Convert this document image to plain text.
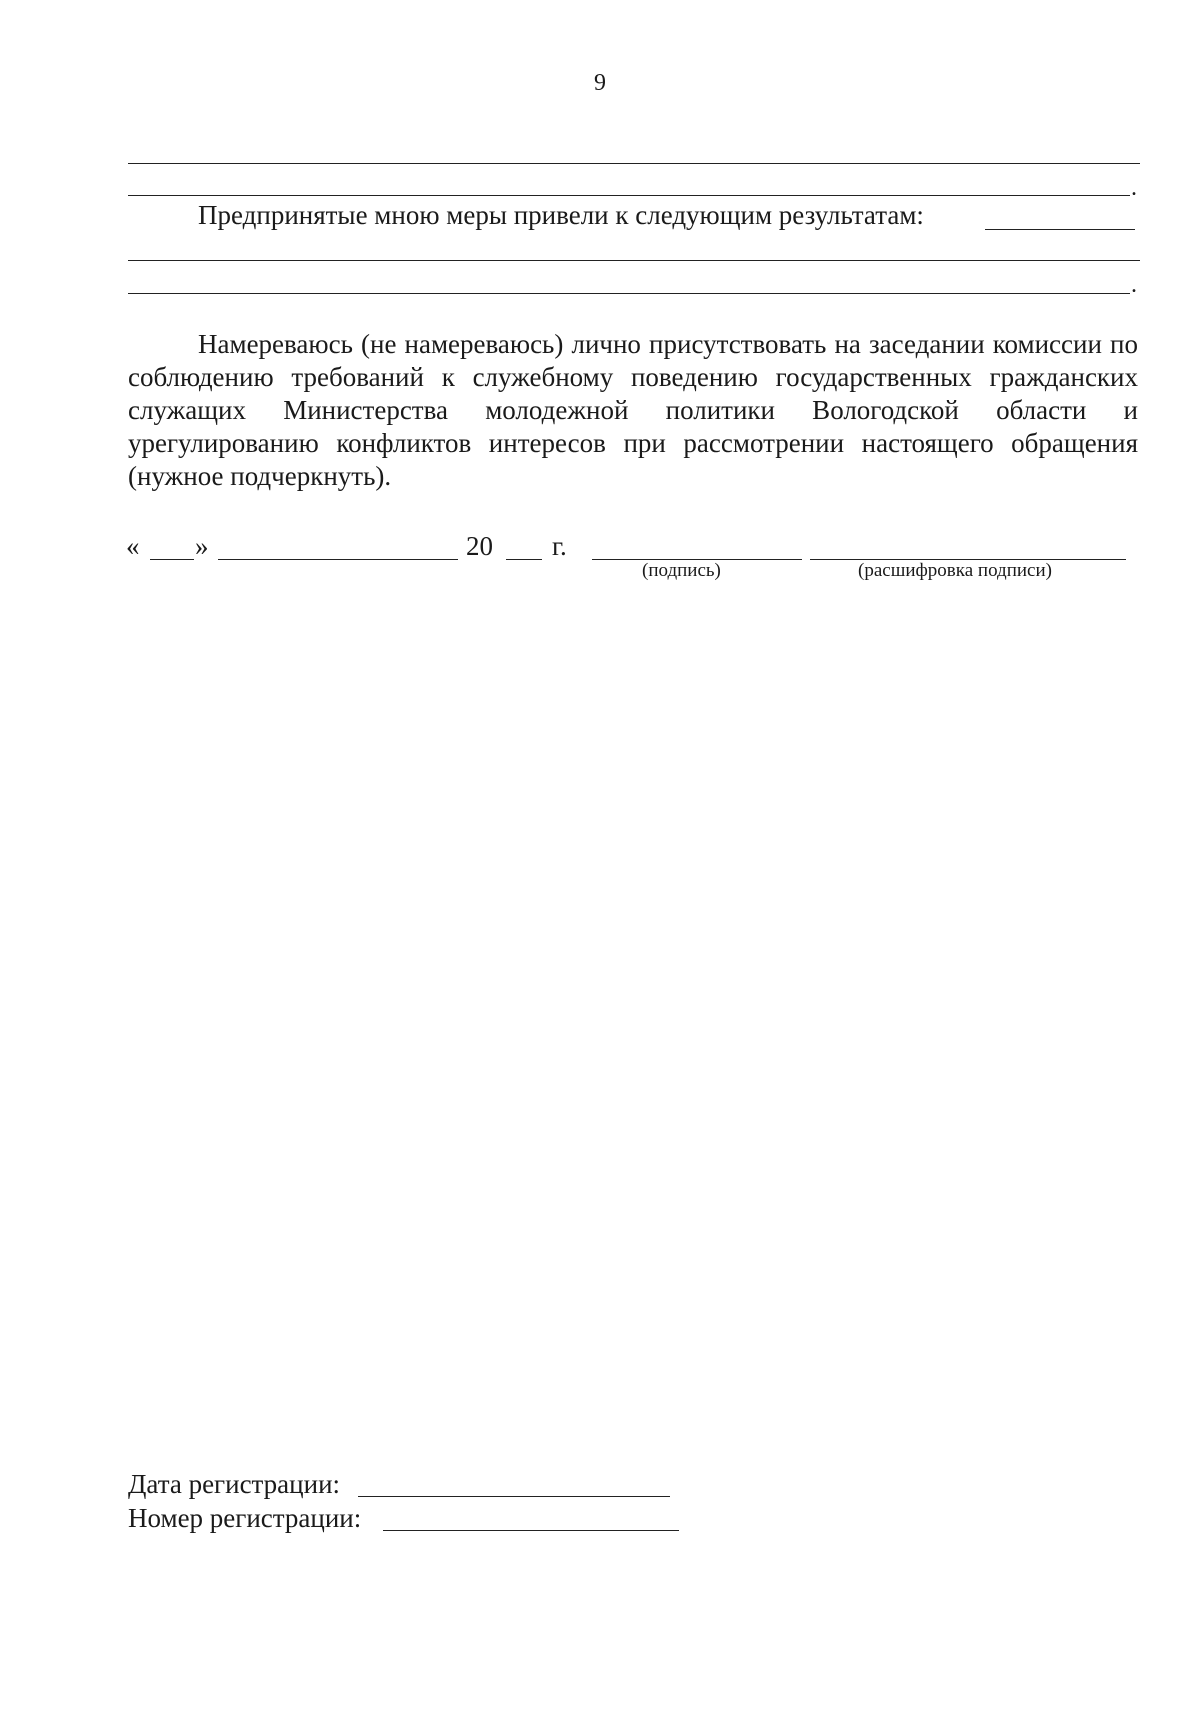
9
.
Предпринятые мною меры привели к следующим результатам:
.
Намереваюсь (не намереваюсь) лично присутствовать на заседании комиссии по соблюдению требований к служебному поведению государственных гражданских служащих Министерства молодежной политики Вологодской области и урегулированию конфликтов интересов при рассмотрении настоящего обращения (нужное подчеркнуть).
« »	20 г.
(подпись)	(расшифровка подписи)
Дата регистрации:
Номер регистрации:
